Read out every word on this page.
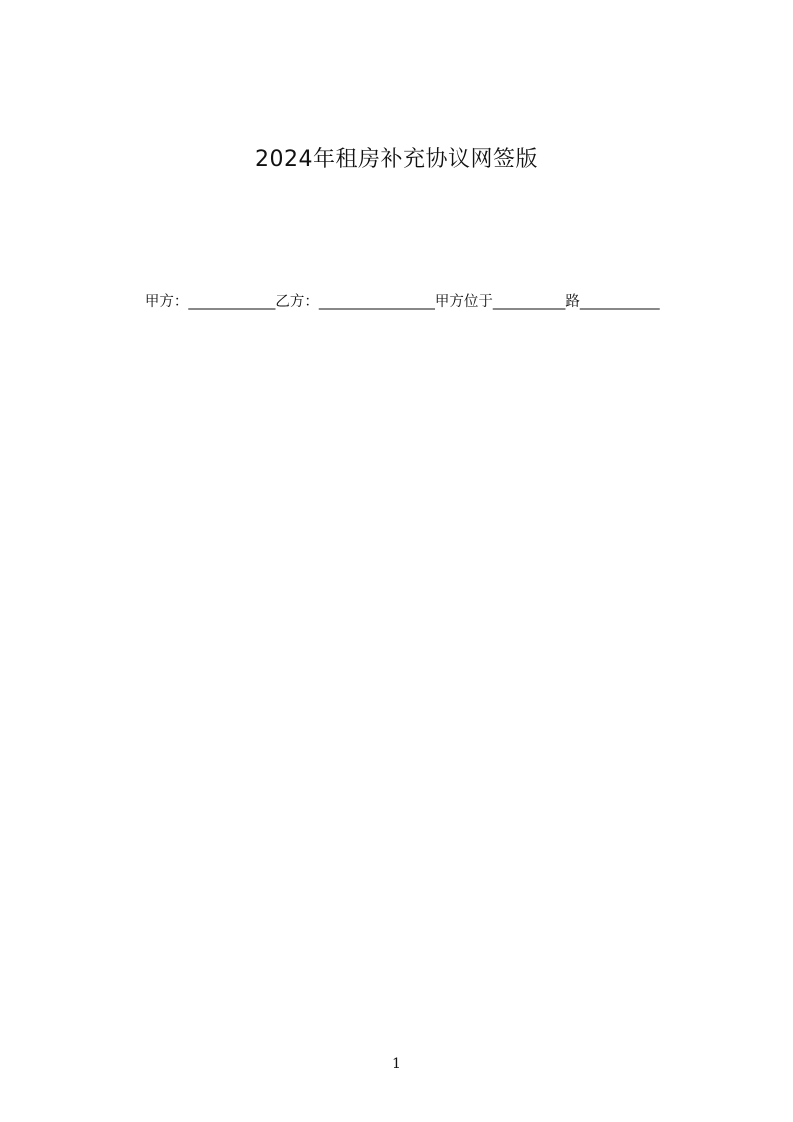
2024年租房补充协议网签版
甲方：____________乙方：________________甲方位于__________路___________
1
